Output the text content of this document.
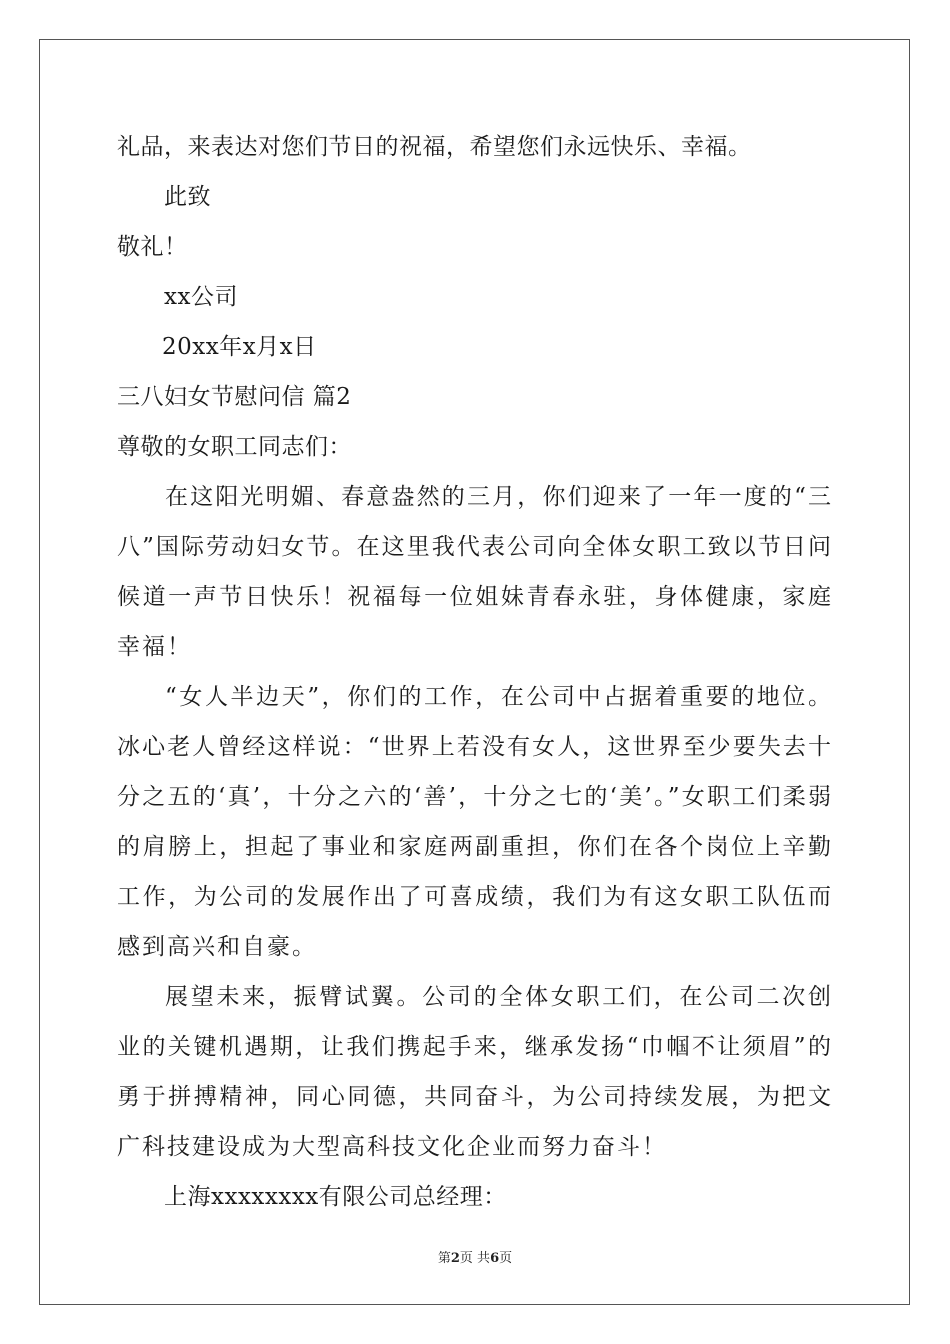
礼品，来表达对您们节日的祝福，希望您们永远快乐、幸福。

此致

敬礼！

xx公司

20xx年x月x日

三八妇女节慰问信 篇2

尊敬的女职工同志们：

在这阳光明媚、春意盎然的三月，你们迎来了一年一度的“三八”国际劳动妇女节。在这里我代表公司向全体女职工致以节日问候道一声节日快乐！祝福每一位姐妹青春永驻，身体健康，家庭幸福！

“女人半边天”，你们的工作，在公司中占据着重要的地位。冰心老人曾经这样说：“世界上若没有女人，这世界至少要失去十分之五的‘真’，十分之六的‘善’，十分之七的‘美’。”女职工们柔弱的肩膀上，担起了事业和家庭两副重担，你们在各个岗位上辛勤工作，为公司的发展作出了可喜成绩，我们为有这女职工队伍而感到高兴和自豪。

展望未来，振臂试翼。公司的全体女职工们，在公司二次创业的关键机遇期，让我们携起手来，继承发扬“巾帼不让须眉”的勇于拼搏精神，同心同德，共同奋斗，为公司持续发展，为把文广科技建设成为大型高科技文化企业而努力奋斗！

上海xxxxxxxx有限公司总经理：

第2页 共6页
